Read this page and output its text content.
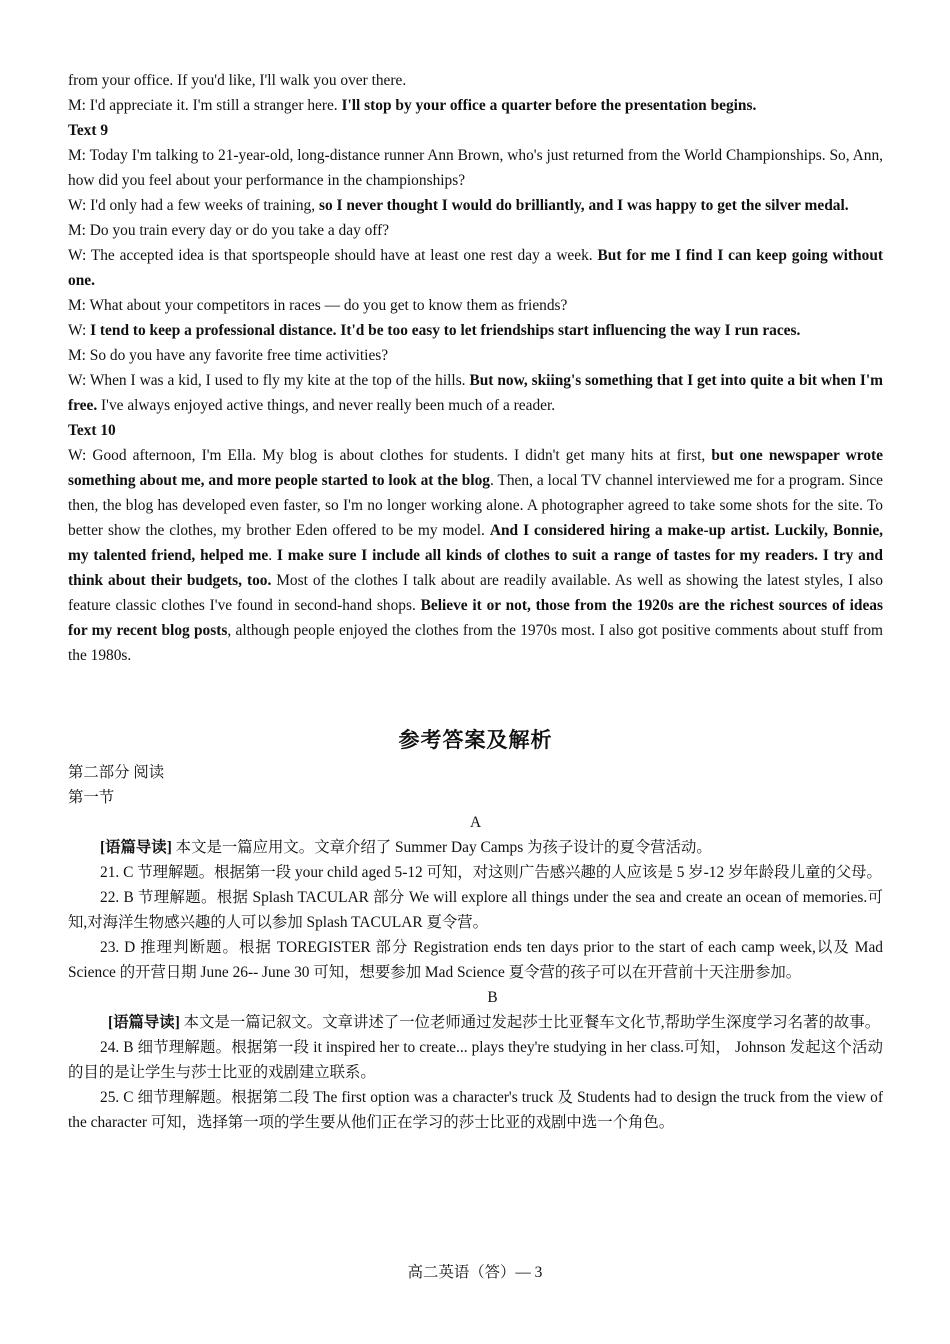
from your office. If you'd like, I'll walk you over there.
M: I'd appreciate it. I'm still a stranger here. I'll stop by your office a quarter before the presentation begins.
Text 9
M: Today I'm talking to 21-year-old, long-distance runner Ann Brown, who's just returned from the World Championships. So, Ann, how did you feel about your performance in the championships?
W: I'd only had a few weeks of training, so I never thought I would do brilliantly, and I was happy to get the silver medal.
M: Do you train every day or do you take a day off?
W: The accepted idea is that sportspeople should have at least one rest day a week. But for me I find I can keep going without one.
M: What about your competitors in races — do you get to know them as friends?
W: I tend to keep a professional distance. It'd be too easy to let friendships start influencing the way I run races.
M: So do you have any favorite free time activities?
W: When I was a kid, I used to fly my kite at the top of the hills. But now, skiing's something that I get into quite a bit when I'm free. I've always enjoyed active things, and never really been much of a reader.
Text 10
W: Good afternoon, I'm Ella. My blog is about clothes for students. I didn't get many hits at first, but one newspaper wrote something about me, and more people started to look at the blog. Then, a local TV channel interviewed me for a program. Since then, the blog has developed even faster, so I'm no longer working alone. A photographer agreed to take some shots for the site. To better show the clothes, my brother Eden offered to be my model. And I considered hiring a make-up artist. Luckily, Bonnie, my talented friend, helped me. I make sure I include all kinds of clothes to suit a range of tastes for my readers. I try and think about their budgets, too. Most of the clothes I talk about are readily available. As well as showing the latest styles, I also feature classic clothes I've found in second-hand shops. Believe it or not, those from the 1920s are the richest sources of ideas for my recent blog posts, although people enjoyed the clothes from the 1970s most. I also got positive comments about stuff from the 1980s.
参考答案及解析
第二部分 阅读
第一节
A
[语篇导读] 本文是一篇应用文。文章介绍了 Summer Day Camps 为孩子设计的夏令营活动。
21. C 节理解题。根据第一段 your child aged 5-12 可知，对这则广告感兴趣的人应该是 5 岁-12 岁年龄段儿童的父母。
22. B 节理解题。根据 Splash TACULAR 部分 We will explore all things under the sea and create an ocean of memories.可知,对海洋生物感兴趣的人可以参加 Splash TACULAR 夏令营。
23. D 推理判断题。根据 TOREGISTER 部分 Registration ends ten days prior to the start of each camp week,以及 Mad Science 的开营日期 June 26-- June 30 可知，想要参加 Mad Science 夏令营的孩子可以在开营前十天注册参加。
B
[语篇导读] 本文是一篇记叙文。文章讲述了一位老师通过发起莎士比亚餐车文化节,帮助学生深度学习名著的故事。
24. B 细节理解题。根据第一段 it inspired her to create... plays they're studying in her class.可知， Johnson 发起这个活动的目的是让学生与莎士比亚的戏剧建立联系。
25. C 细节理解题。根据第二段 The first option was a character's truck 及 Students had to design the truck from the view of the character 可知，选择第一项的学生要从他们正在学习的莎士比亚的戏剧中选一个角色。
高二英语（答）— 3
